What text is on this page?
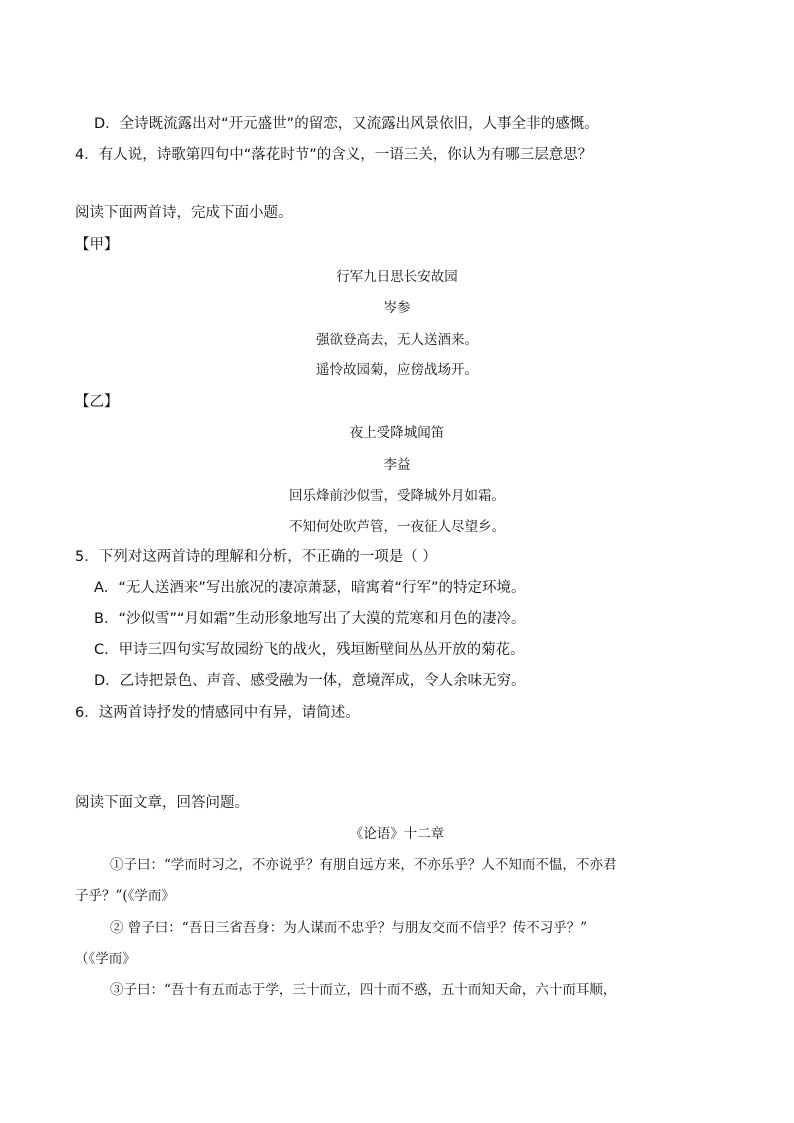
D．全诗既流露出对“开元盛世”的留恋，又流露出风景依旧，人事全非的感慨。

4．有人说，诗歌第四句中“落花时节”的含义，一语三关，你认为有哪三层意思？

阅读下面两首诗，完成下面小题。

【甲】

行军九日思长安故园

岑参

强欲登高去，无人送酒来。

遥怜故园菊，应傍战场开。

【乙】

夜上受降城闻笛

李益

回乐烽前沙似雪，受降城外月如霜。

不知何处吹芦管，一夜征人尽望乡。

5．下列对这两首诗的理解和分析，不正确的一项是（ ）

A．“无人送酒来”写出旅况的凄凉萧瑟，暗寓着“行军”的特定环境。

B．“沙似雪”“月如霜”生动形象地写出了大漠的荒寒和月色的凄冷。

C．甲诗三四句实写故园纷飞的战火，残垣断壁间丛丛开放的菊花。

D．乙诗把景色、声音、感受融为一体，意境浑成，令人余味无穷。

6．这两首诗抒发的情感同中有异，请简述。

阅读下面文章，回答问题。

《论语》十二章

①子曰：“学而时习之，不亦说乎？有朋自远方来，不亦乐乎？人不知而不愠，不亦君

子乎？”(《学而》

② 曾子曰：“吾日三省吾身：为人谋而不忠乎？与朋友交而不信乎？传不习乎？”

（《学而》

③子曰：“吾十有五而志于学，三十而立，四十而不惑，五十而知天命，六十而耳顺，
